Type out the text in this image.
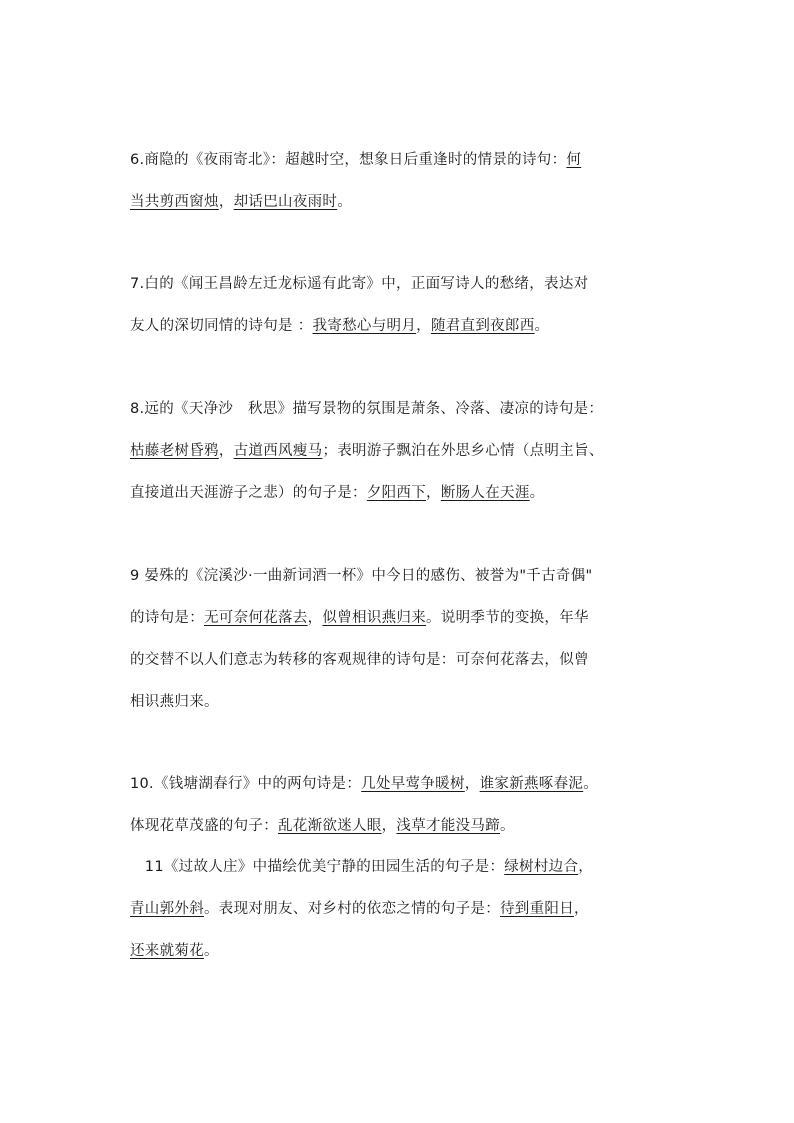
6.商隐的《夜雨寄北》：超越时空，想象日后重逢时的情景的诗句：何
当共剪西窗烛，却话巴山夜雨时。
7.白的《闻王昌龄左迁龙标遥有此寄》中，正面写诗人的愁绪，表达对
友人的深切同情的诗句是 ：我寄愁心与明月，随君直到夜郎西。
8.远的《天净沙　秋思》描写景物的氛围是萧条、冷落、凄凉的诗句是：
枯藤老树昏鸦，古道西风瘦马；表明游子飘泊在外思乡心情（点明主旨、
直接道出天涯游子之悲）的句子是：夕阳西下，断肠人在天涯。
9 晏殊的《浣溪沙·一曲新词酒一杯》中今日的感伤、被誉为"千古奇偶"
的诗句是：无可奈何花落去，似曾相识燕归来。说明季节的变换，年华
的交替不以人们意志为转移的客观规律的诗句是：可奈何花落去，似曾
相识燕归来。
10.《钱塘湖春行》中的两句诗是：几处早莺争暖树，谁家新燕啄春泥。
体现花草茂盛的句子：乱花渐欲迷人眼，浅草才能没马蹄。
　11《过故人庄》中描绘优美宁静的田园生活的句子是：绿树村边合，
青山郭外斜。表现对朋友、对乡村的依恋之情的句子是：待到重阳日，
还来就菊花。
